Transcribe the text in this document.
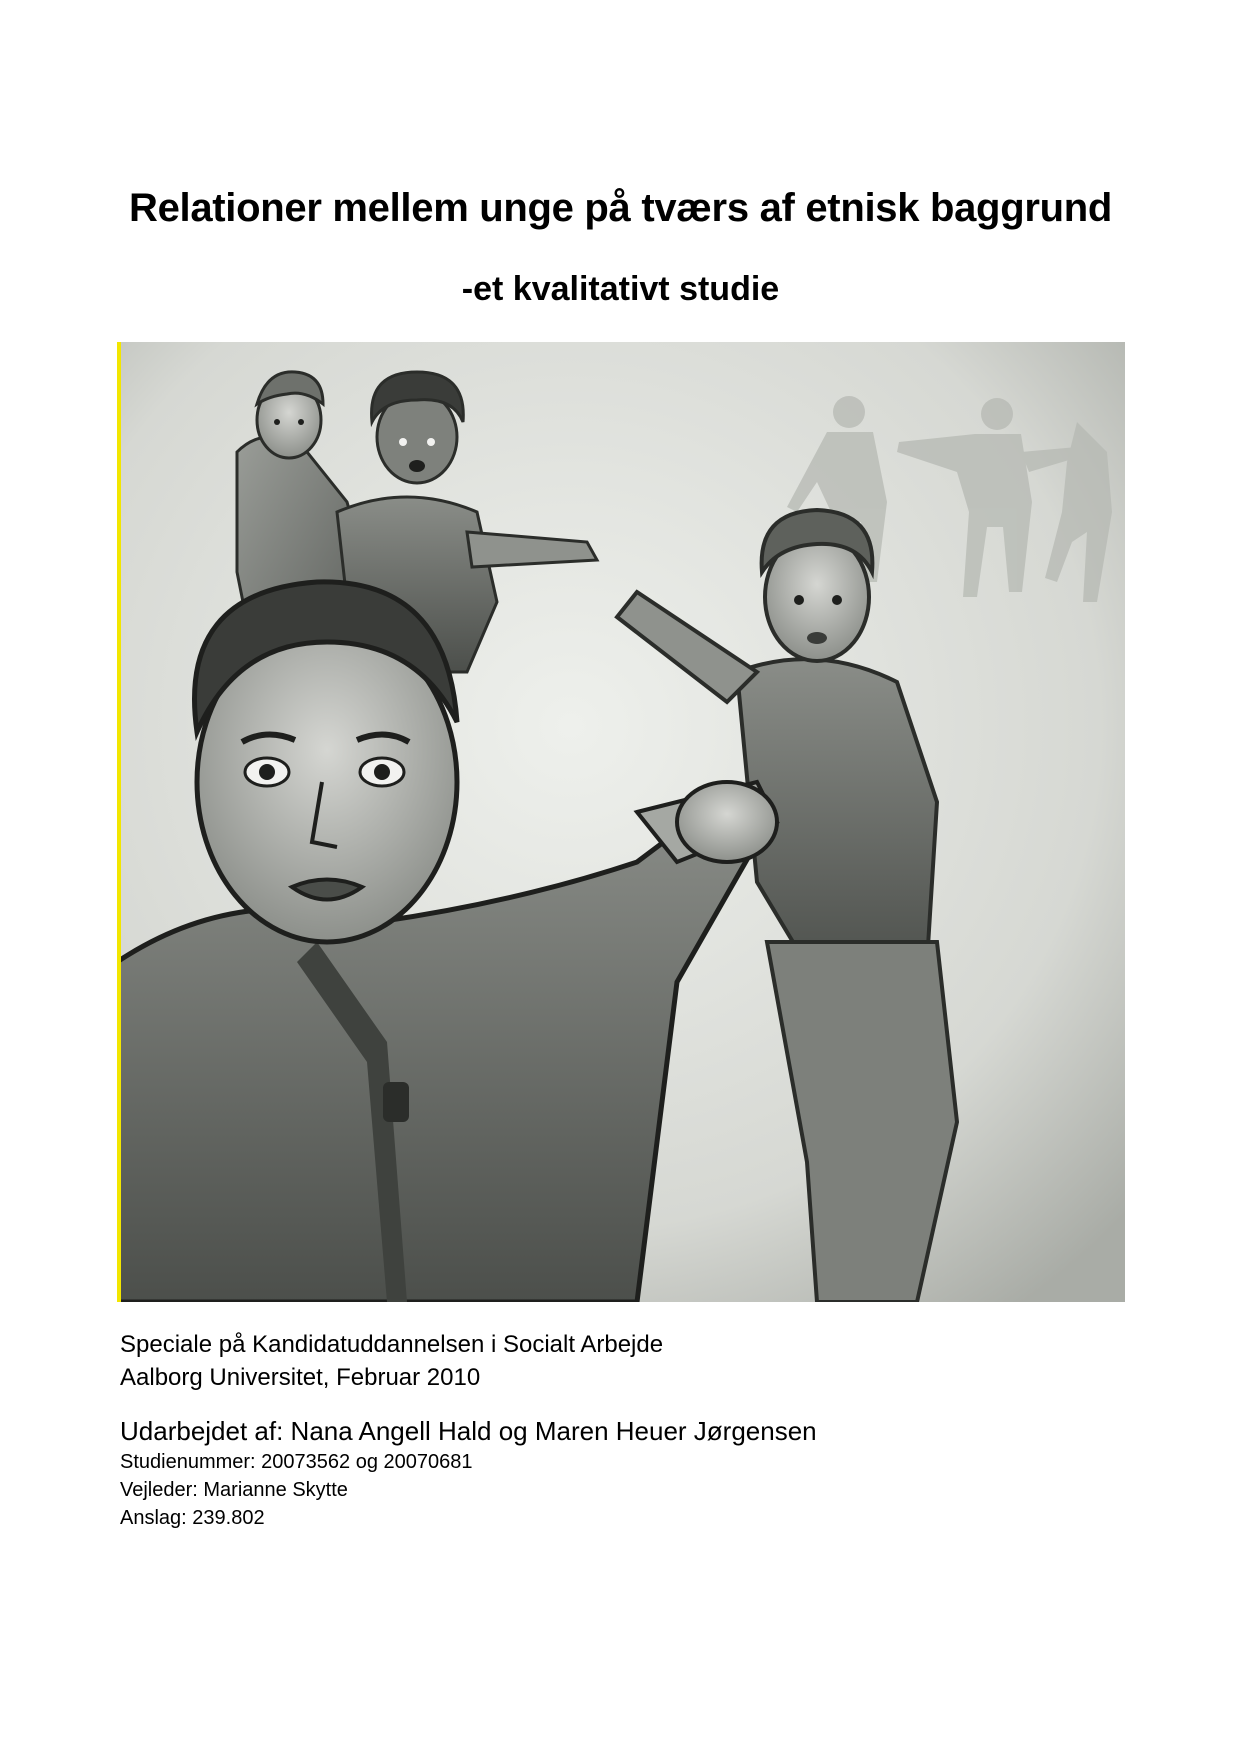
Relationer mellem unge på tværs af etnisk baggrund
-et kvalitativt studie
Speciale på Kandidatuddannelsen i Socialt Arbejde
Aalborg Universitet, Februar 2010
Udarbejdet af: Nana Angell Hald og Maren Heuer Jørgensen
Studienummer: 20073562 og 20070681
Vejleder: Marianne Skytte
Anslag: 239.802
